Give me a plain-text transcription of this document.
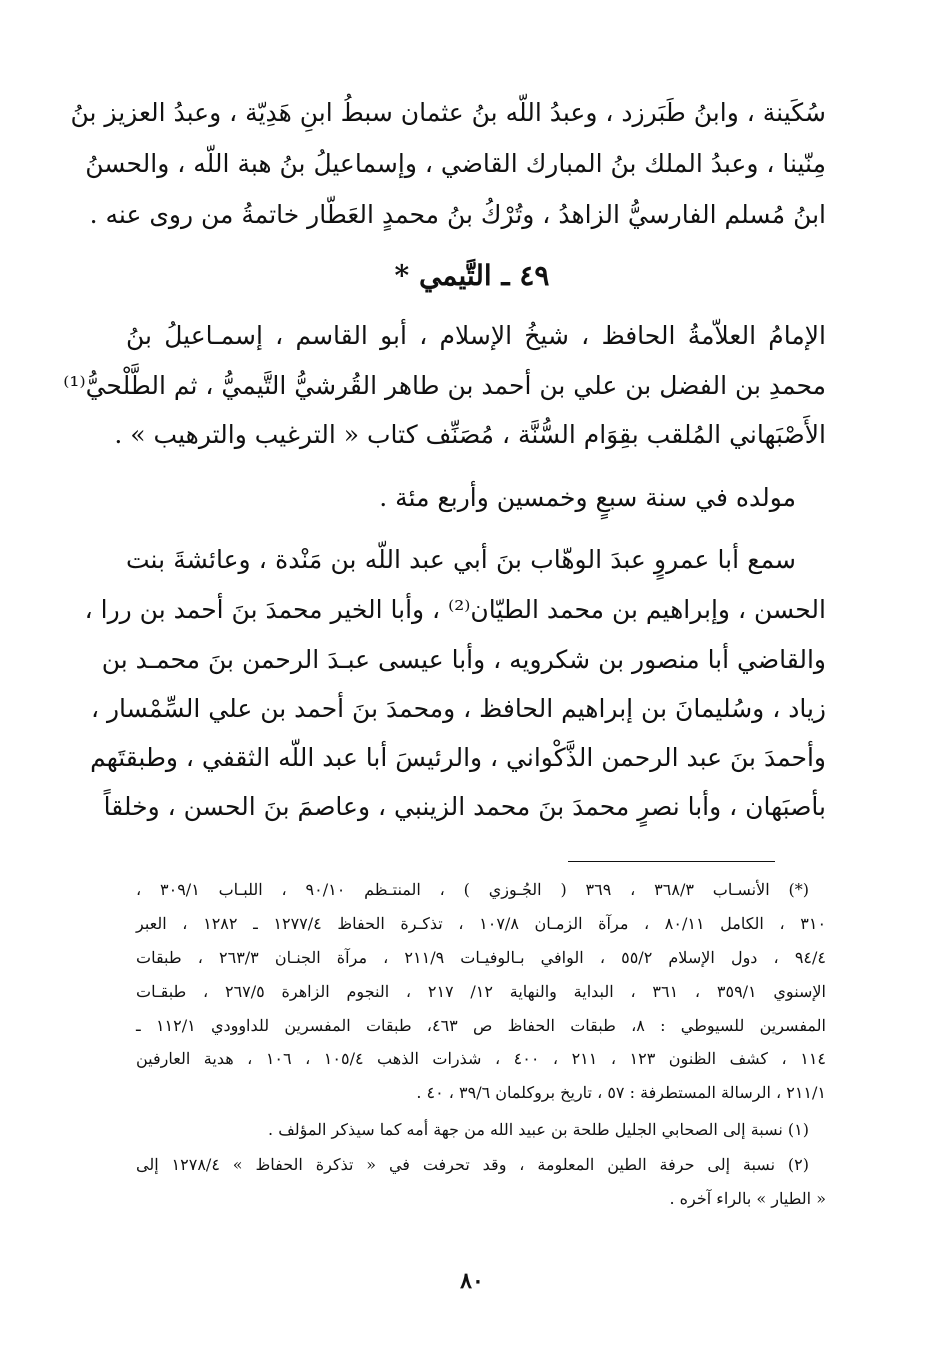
سُكَينة ، وابنُ طَبَرزد ، وعبدُ اللّه بنُ عثمان سبطُ ابنِ هَدِيّة ، وعبدُ العزيز بنُ
مِنّينا ، وعبدُ الملك بنُ المبارك القاضي ، وإسماعيلُ بنُ هبة اللّه ، والحسنُ
ابنُ مُسلم الفارسيُّ الزاهدُ ، وتُرْكُ بنُ محمدٍ العَطّار خاتمةُ من روى عنه .
٤٩ ـ التَّيمي *
الإمامُ العلاّمةُ الحافظ ، شيخُ الإسلام ، أبو القاسم ، إسمـاعيلُ بنُ
محمدِ بن الفضل بن علي بن أحمد بن طاهر القُرشيُّ التَّيميُّ ، ثم الطَّلْحيُّ⁽¹⁾
الأَصْبَهاني المُلقب بقِوَام السُّنَّة ، مُصَنِّف كتاب « الترغيب والترهيب » .
مولده في سنة سبعٍ وخمسين وأربع مئة .
سمع أبا عمروٍ عبدَ الوهّاب بنَ أبي عبد اللّه بن مَنْدة ، وعائشةَ بنت
الحسن ، وإبراهيم بن محمد الطيّان⁽²⁾ ، وأبا الخير محمدَ بنَ أحمد بن ررا ،
والقاضي أبا منصور بن شكرويه ، وأبا عيسى عبـدَ الرحمن بنَ محمـد بن
زياد ، وسُليمانَ بن إبراهيم الحافظ ، ومحمدَ بنَ أحمد بن علي السِّمْسار ،
وأحمدَ بنَ عبد الرحمن الذَّكْواني ، والرئيسَ أبا عبد اللّه الثقفي ، وطبقتَهم
بأصبَهان ، وأبا نصرٍ محمدَ بنَ محمد الزينبي ، وعاصمَ بنَ الحسن ، وخلقاً
(*) الأنسـاب ٣٦٨/٣ ، ٣٦٩ ( الجُـوزي ) ، المنتـظم ٩٠/١٠ ، اللبـاب ٣٠٩/١ ،
٣١٠ ، الكامل ٨٠/١١ ، مرآة الزمـان ١٠٧/٨ ، تذكـرة الحفاظ ١٢٧٧/٤ ـ ١٢٨٢ ، العبر
٩٤/٤ ، دول الإسلام ٥٥/٢ ، الوافي بـالوفيـات ٢١١/٩ ، مرآة الجنـان ٢٦٣/٣ ، طبقات
الإسنوي ٣٥٩/١ ، ٣٦١ ، البداية والنهاية ١٢/ ٢١٧ ، النجوم الزاهرة ٢٦٧/٥ ، طبقـات
المفسرين للسيوطي : ٨، طبقات الحفاظ ص ٤٦٣، طبقات المفسرين للداوودي ١١٢/١ ـ
١١٤ ، كشف الظنون ١٢٣ ، ٢١١ ، ٤٠٠ ، شذرات الذهب ١٠٥/٤ ، ١٠٦ ، هدية العارفين
٢١١/١ ، الرسالة المستطرفة : ٥٧ ، تاريخ بروكلمان ٣٩/٦ ، ٤٠ .
(١) نسبة إلى الصحابي الجليل طلحة بن عبيد الله من جهة أمه كما سيذكر المؤلف .
(٢) نسبة إلى حرفة الطين المعلومة ، وقد تحرفت في « تذكرة الحفاظ » ١٢٧٨/٤ إلى
« الطيار » بالراء آخره .
٨٠
